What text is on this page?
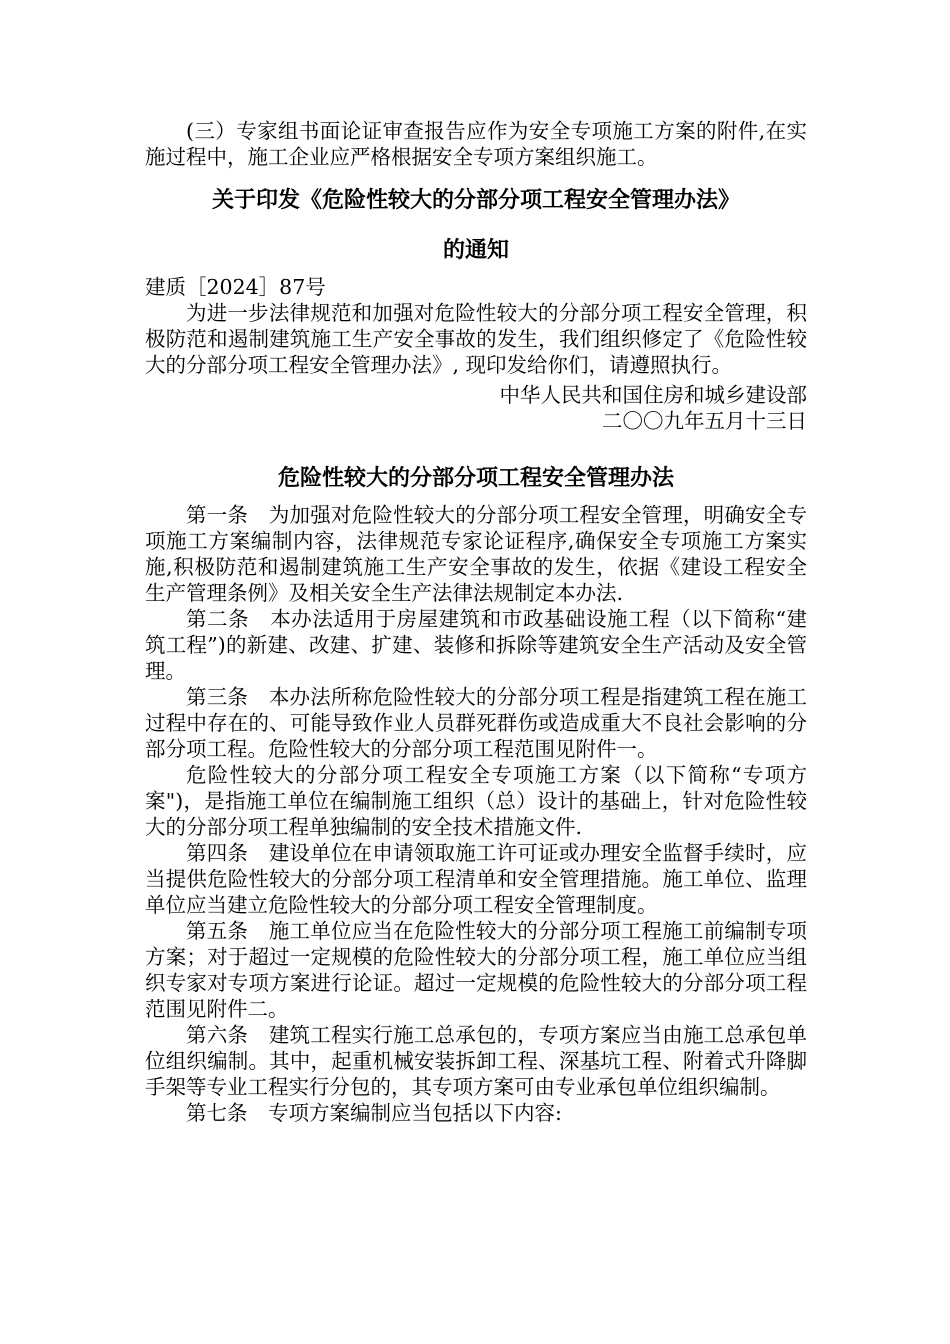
(三）专家组书面论证审查报告应作为安全专项施工方案的附件,在实施过程中，施工企业应严格根据安全专项方案组织施工。

关于印发《危险性较大的分部分项工程安全管理办法》
的通知

建质［2024］87号

为进一步法律规范和加强对危险性较大的分部分项工程安全管理，积极防范和遏制建筑施工生产安全事故的发生，我们组织修定了《危险性较大的分部分项工程安全管理办法》, 现印发给你们，请遵照执行。

中华人民共和国住房和城乡建设部

二〇〇九年五月十三日

危险性较大的分部分项工程安全管理办法

第一条　为加强对危险性较大的分部分项工程安全管理，明确安全专项施工方案编制内容，法律规范专家论证程序,确保安全专项施工方案实施,积极防范和遏制建筑施工生产安全事故的发生，依据《建设工程安全生产管理条例》及相关安全生产法律法规制定本办法.

第二条　本办法适用于房屋建筑和市政基础设施工程（以下简称“建筑工程”)的新建、改建、扩建、装修和拆除等建筑安全生产活动及安全管理。

第三条　本办法所称危险性较大的分部分项工程是指建筑工程在施工过程中存在的、可能导致作业人员群死群伤或造成重大不良社会影响的分部分项工程。危险性较大的分部分项工程范围见附件一。

危险性较大的分部分项工程安全专项施工方案（以下简称“专项方案")，是指施工单位在编制施工组织（总）设计的基础上，针对危险性较大的分部分项工程单独编制的安全技术措施文件.

第四条　建设单位在申请领取施工许可证或办理安全监督手续时，应当提供危险性较大的分部分项工程清单和安全管理措施。施工单位、监理单位应当建立危险性较大的分部分项工程安全管理制度。

第五条　施工单位应当在危险性较大的分部分项工程施工前编制专项方案；对于超过一定规模的危险性较大的分部分项工程，施工单位应当组织专家对专项方案进行论证。超过一定规模的危险性较大的分部分项工程范围见附件二。

第六条　建筑工程实行施工总承包的，专项方案应当由施工总承包单位组织编制。其中，起重机械安装拆卸工程、深基坑工程、附着式升降脚手架等专业工程实行分包的，其专项方案可由专业承包单位组织编制。

第七条　专项方案编制应当包括以下内容:
